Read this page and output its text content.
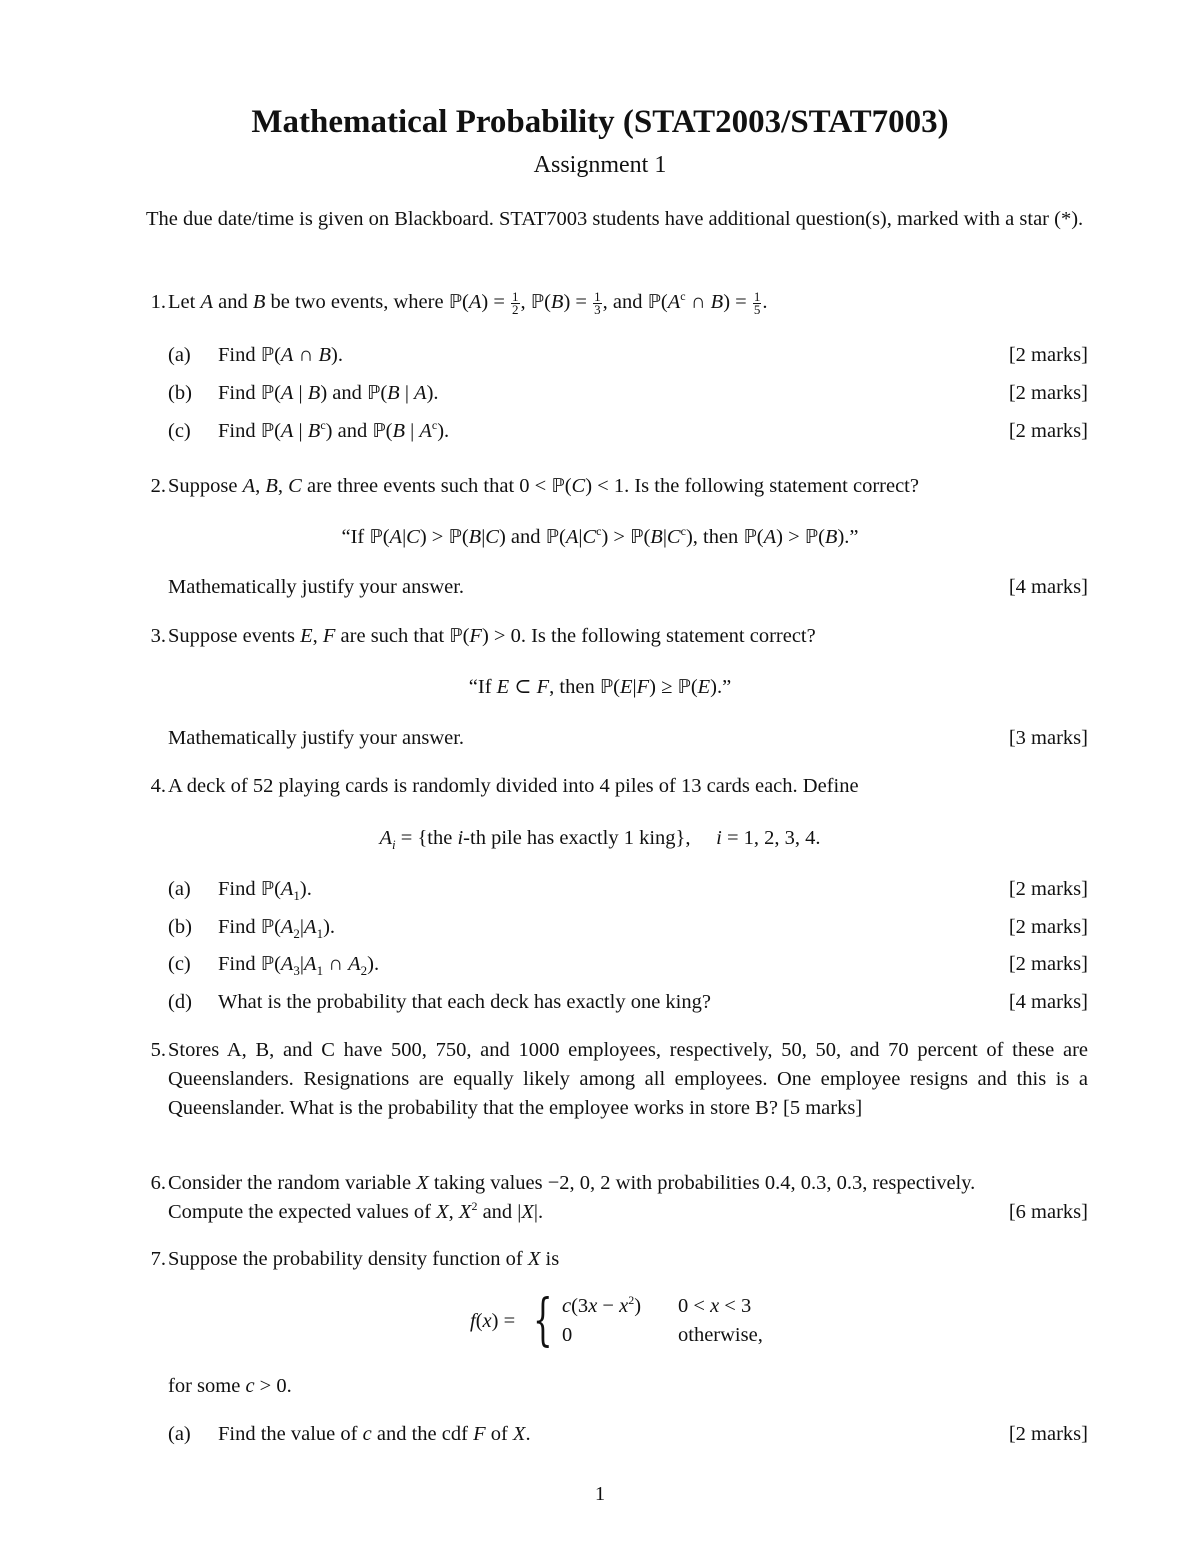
Mathematical Probability (STAT2003/STAT7003)
Assignment 1
The due date/time is given on Blackboard. STAT7003 students have additional question(s), marked with a star (*).
1. Let A and B be two events, where ℙ(A) = $\frac{1}{2}$ , ℙ(B) = $\frac{1}{3}$ , and $ℙ(A^c$ ∩ $B) = \frac{1}{5}$ .
(a) Find ℙ(A ∩ B).	[2 marks]
(b) Find ℙ(A | B) and ℙ(B | A).	[2 marks]
(c) Find ℙ(A | $B^c$) and ℙ(B | $A^c$).	[2 marks]
2. Suppose A, B, C are three events such that 0 < ℙ(C) < 1. Is the following statement correct?
“If ℙ(A|C) > ℙ(B|C) and $ℙ(A|C^c)$ > $ℙ(B|C^c)$, then ℙ(A) > ℙ(B).”
Mathematically justify your answer.	[4 marks]
3. Suppose events E, F are such that ℙ(F) > 0. Is the following statement correct?
“If E ⊂ F, then ℙ(E|F) ≥ ℙ(E).”
Mathematically justify your answer.	[3 marks]
4. A deck of 52 playing cards is randomly divided into 4 piles of 13 cards each. Define
$A_i = \{the$ i-th pile has exactly 1 king},     i = 1, 2, 3, 4.
(a) Find $ℙ(A_1)$.	[2 marks]
(b) Find $ℙ(A_2|A_1)$.	[2 marks]
(c) Find $ℙ(A_3|A_1$ ∩ $A_2$).	[2 marks]
(d) What is the probability that each deck has exactly one king?	[4 marks]
5. Stores A, B, and C have 500, 750, and 1000 employees, respectively, 50, 50, and 70 percent of these are Queenslanders. Resignations are equally likely among all employees. One employee resigns and this is a Queenslander. What is the probability that the employee works in store B? [5 marks]
6. Consider the random variable X taking values −2, 0, 2 with probabilities 0.4, 0.3, 0.3, respectively.
Compute the expected values of X, $X^2$ and |X|.	[6 marks]
7. Suppose the probability density function of X is
f(x) = { $c(3x - x^2)$
0
0 < x < 3
otherwise,
for some c > 0.
(a) Find the value of c and the cdf F of X.	[2 marks]
1
